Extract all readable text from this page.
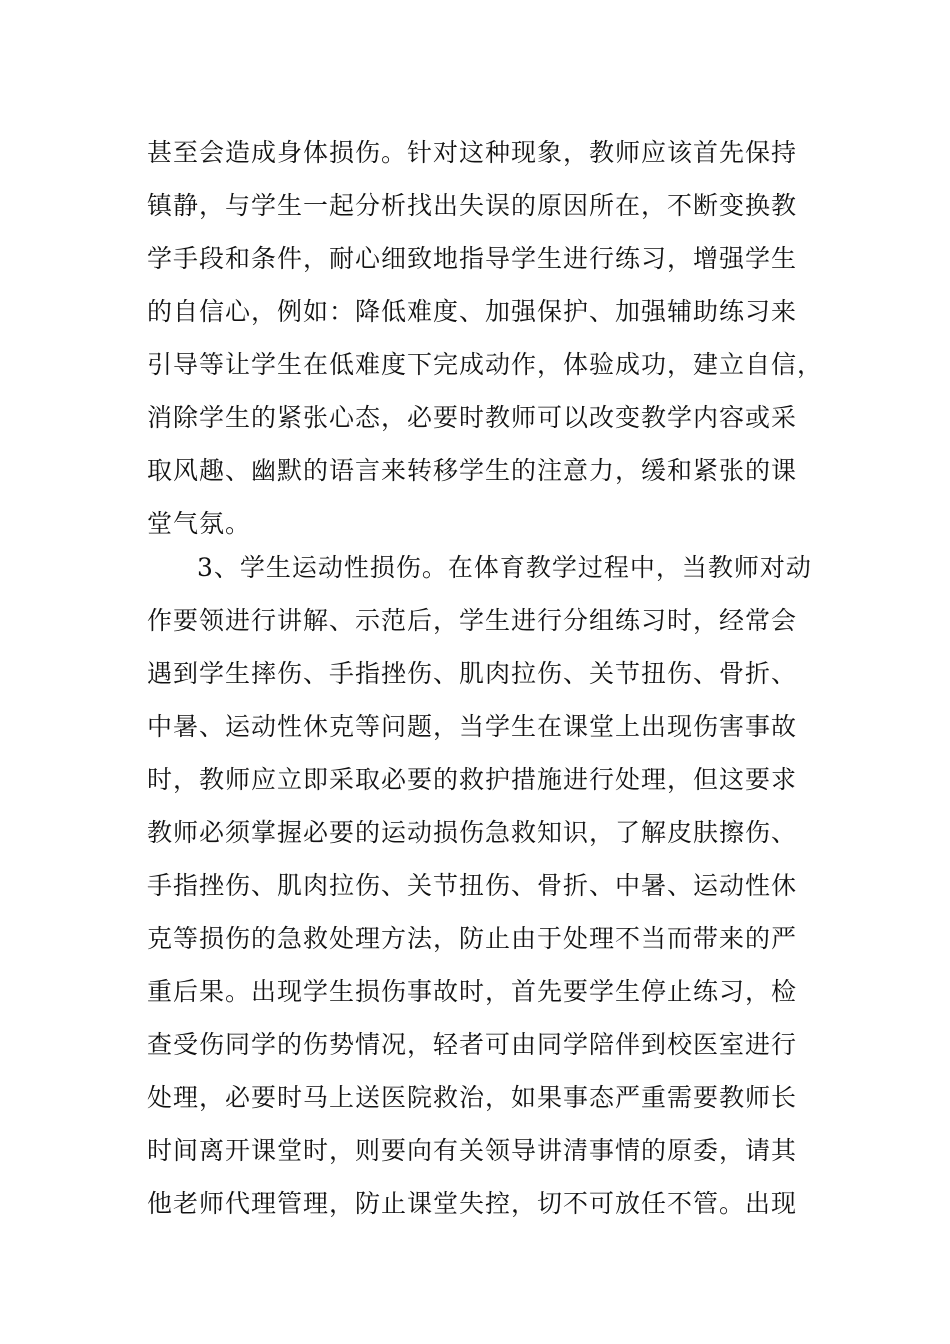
甚至会造成身体损伤。针对这种现象，教师应该首先保持
镇静，与学生一起分析找出失误的原因所在，不断变换教
学手段和条件，耐心细致地指导学生进行练习，增强学生
的自信心，例如：降低难度、加强保护、加强辅助练习来
引导等让学生在低难度下完成动作，体验成功，建立自信，
消除学生的紧张心态，必要时教师可以改变教学内容或采
取风趣、幽默的语言来转移学生的注意力，缓和紧张的课
堂气氛。
3、学生运动性损伤。在体育教学过程中，当教师对动
作要领进行讲解、示范后，学生进行分组练习时，经常会
遇到学生摔伤、手指挫伤、肌肉拉伤、关节扭伤、骨折、
中暑、运动性休克等问题，当学生在课堂上出现伤害事故
时，教师应立即采取必要的救护措施进行处理，但这要求
教师必须掌握必要的运动损伤急救知识，了解皮肤擦伤、
手指挫伤、肌肉拉伤、关节扭伤、骨折、中暑、运动性休
克等损伤的急救处理方法，防止由于处理不当而带来的严
重后果。出现学生损伤事故时，首先要学生停止练习，检
查受伤同学的伤势情况，轻者可由同学陪伴到校医室进行
处理，必要时马上送医院救治，如果事态严重需要教师长
时间离开课堂时，则要向有关领导讲清事情的原委，请其
他老师代理管理，防止课堂失控，切不可放任不管。出现
